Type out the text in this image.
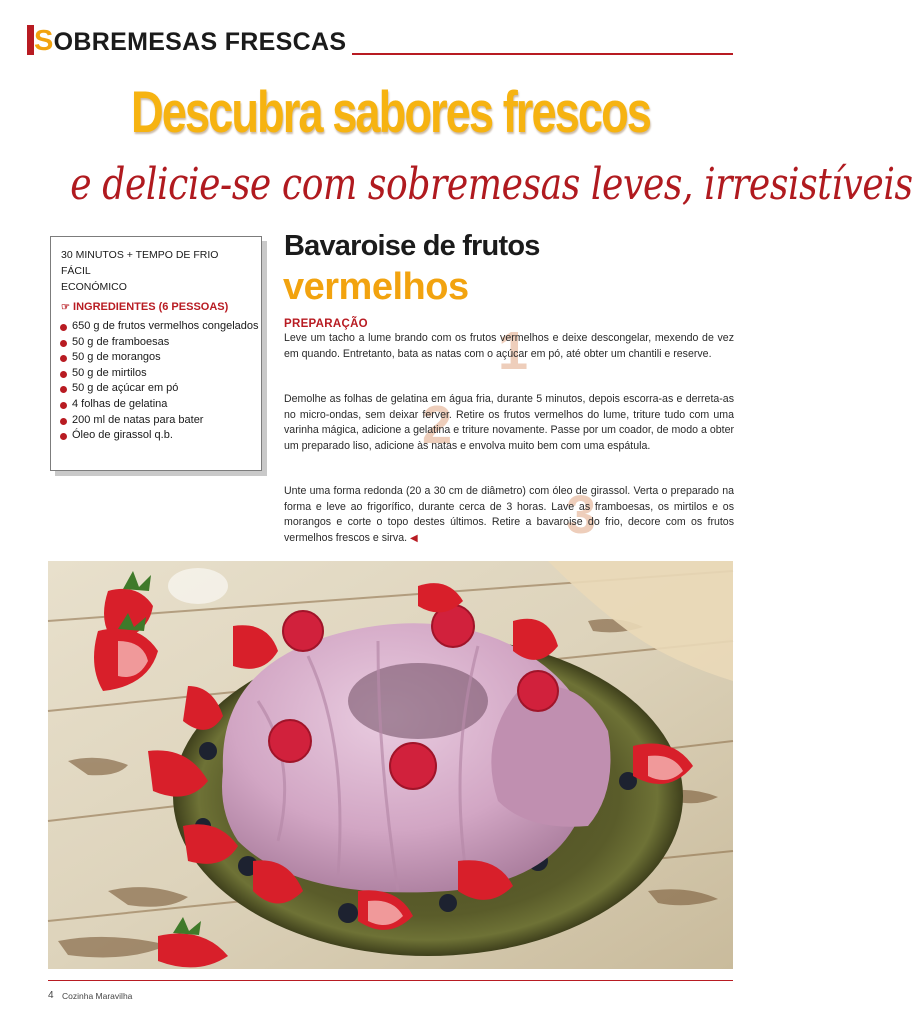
SOBREMESAS FRESCAS
Descubra sabores frescos
e delicie-se com sobremesas leves, irresistíveis
30 MINUTOS + TEMPO DE FRIO
FÁCIL
ECONÓMICO
☞ INGREDIENTES (6 PESSOAS)
650 g de frutos vermelhos congelados
50 g de framboesas
50 g de morangos
50 g de mirtilos
50 g de açúcar em pó
4 folhas de gelatina
200 ml de natas para bater
Óleo de girassol q.b.
Bavaroise de frutos
vermelhos
PREPARAÇÃO 1
Leve um tacho a lume brando com os frutos vermelhos e deixe descongelar, mexendo de vez em quando. Entretanto, bata as natas com o açúcar em pó, até obter um chantili e reserve.
2
Demolhe as folhas de gelatina em água fria, durante 5 minutos, depois escorra-as e derreta-as no micro-ondas, sem deixar ferver. Retire os frutos vermelhos do lume, triture tudo com uma varinha mágica, adicione a gelatina e triture novamente. Passe por um coador, de modo a obter um preparado liso, adicione às natas e envolva muito bem com uma espátula.
3
Unte uma forma redonda (20 a 30 cm de diâmetro) com óleo de girassol. Verta o preparado na forma e leve ao frigorífico, durante cerca de 3 horas. Lave as framboesas, os mirtilos e os morangos e corte o topo destes últimos. Retire a bavaroise do frio, decore com os frutos vermelhos frescos e sirva. ◀
4 Cozinha Maravilha
